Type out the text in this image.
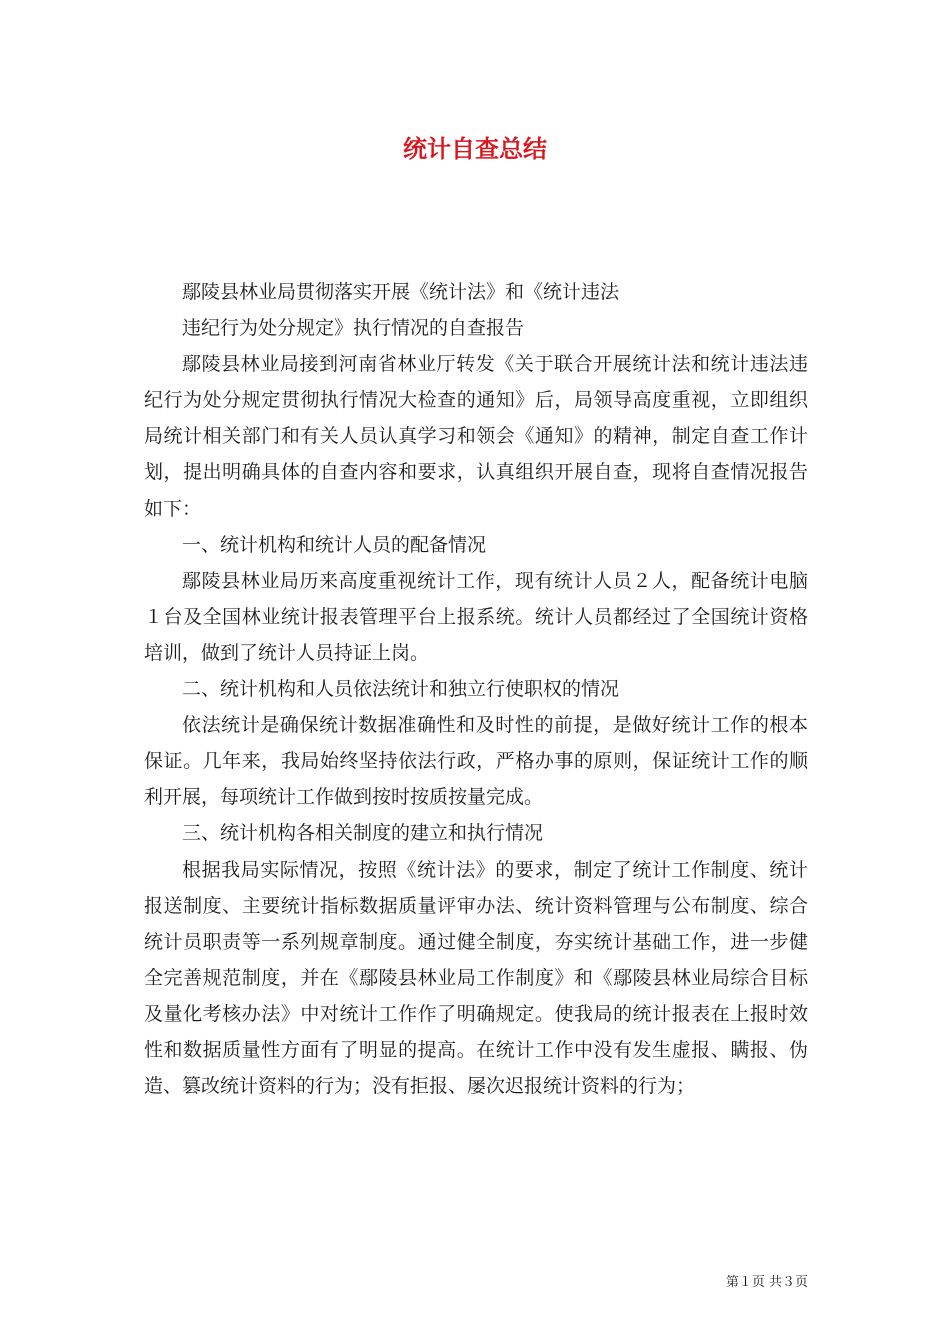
统计自查总结

鄢陵县林业局贯彻落实开展《统计法》和《统计违法

违纪行为处分规定》执行情况的自查报告

鄢陵县林业局接到河南省林业厅转发《关于联合开展统计法和统计违法违纪行为处分规定贯彻执行情况大检查的通知》后，局领导高度重视，立即组织局统计相关部门和有关人员认真学习和领会《通知》的精神，制定自查工作计划，提出明确具体的自查内容和要求，认真组织开展自查，现将自查情况报告如下：

一、统计机构和统计人员的配备情况

鄢陵县林业局历来高度重视统计工作，现有统计人员２人，配备统计电脑１台及全国林业统计报表管理平台上报系统。统计人员都经过了全国统计资格培训，做到了统计人员持证上岗。

二、统计机构和人员依法统计和独立行使职权的情况

依法统计是确保统计数据准确性和及时性的前提，是做好统计工作的根本保证。几年来，我局始终坚持依法行政，严格办事的原则，保证统计工作的顺利开展，每项统计工作做到按时按质按量完成。

三、统计机构各相关制度的建立和执行情况

根据我局实际情况，按照《统计法》的要求，制定了统计工作制度、统计报送制度、主要统计指标数据质量评审办法、统计资料管理与公布制度、综合统计员职责等一系列规章制度。通过健全制度，夯实统计基础工作，进一步健全完善规范制度，并在《鄢陵县林业局工作制度》和《鄢陵县林业局综合目标及量化考核办法》中对统计工作作了明确规定。使我局的统计报表在上报时效性和数据质量性方面有了明显的提高。在统计工作中没有发生虚报、瞒报、伪造、篡改统计资料的行为；没有拒报、屡次迟报统计资料的行为；

第１页 共３页
